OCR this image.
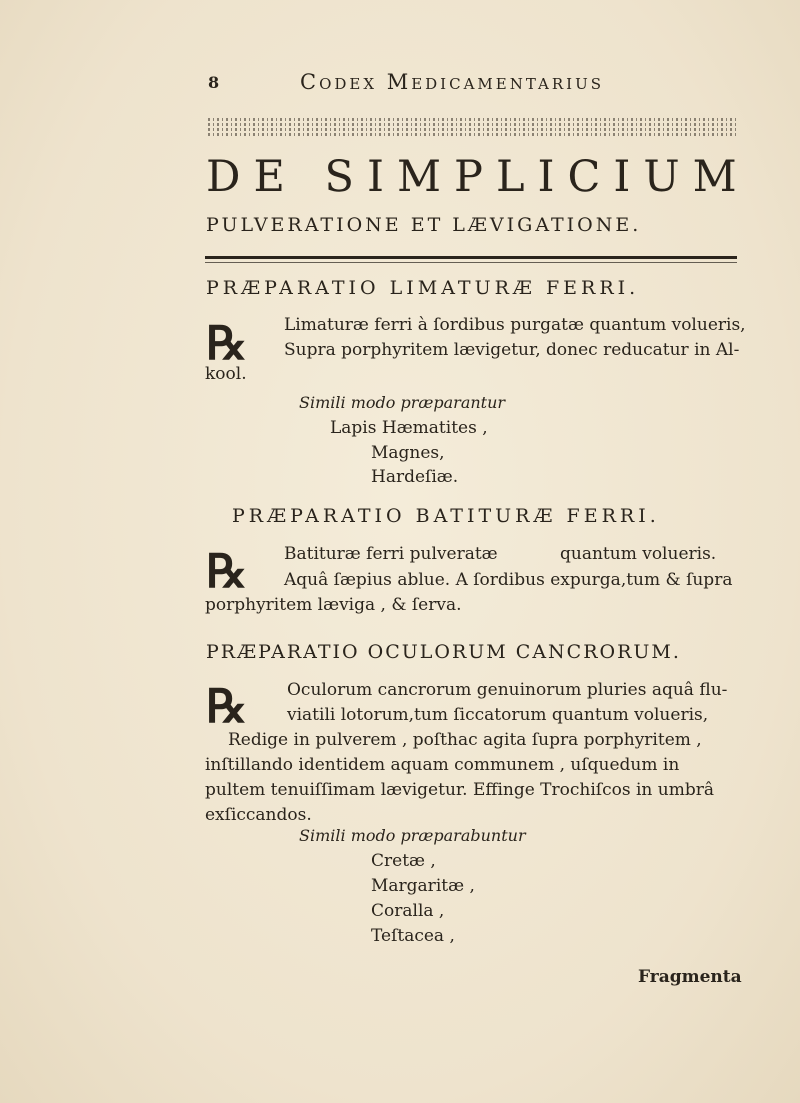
8	Codex Medicamentarius
DE SIMPLICIUM
PULVERATIONE ET LÆVIGATIONE.
PRÆPARATIO LIMATURÆ FERRI.
℞ Limaturæ ferri à ſordibus purgatæ quantum volueris,
Supra porphyritem lævigetur, donec reducatur in Al-
kool.
Simili modo præparantur
Lapis Hæmatites ,
Magnes,
Hardeſiæ.
PRÆPARATIO BATITURÆ FERRI.
℞ Batituræ ferri pulveratæ	quantum volueris.
Aquâ ſæpius ablue. A ſordibus expurga,tum & ſupra
porphyritem læviga , & ſerva.
PRÆPARATIO OCULORUM CANCRORUM.
℞ Oculorum cancrorum genuinorum pluries aquâ flu-
viatili lotorum,tum ſiccatorum quantum volueris,
Redige in pulverem , poſthac agita ſupra porphyritem ,
inſtillando identidem aquam communem , uſquedum in
pultem tenuiſſimam lævigetur. Effinge Trochiſcos in umbrâ
exſiccandos.
Simili modo præparabuntur
Cretæ ,
Margaritæ ,
Coralla ,
Teſtacea ,
Fragmenta
